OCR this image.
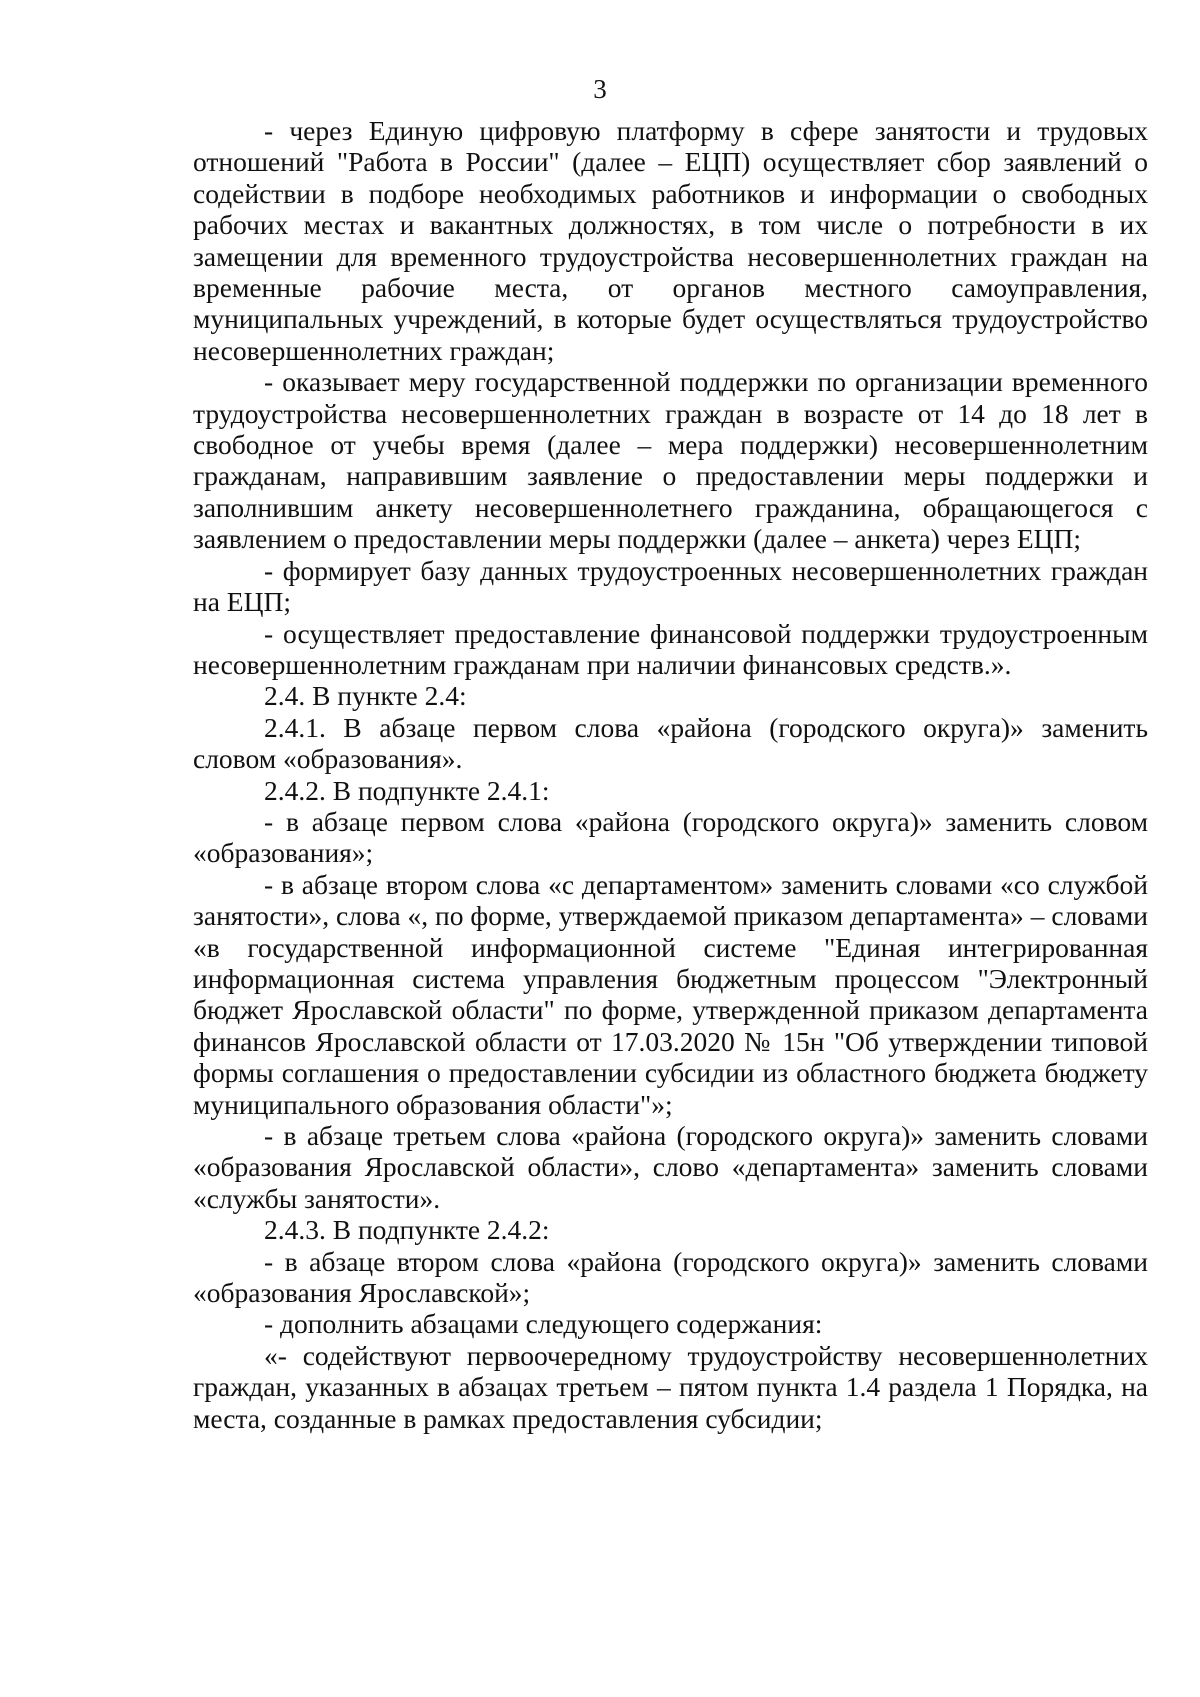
3

- через Единую цифровую платформу в сфере занятости и трудовых отношений "Работа в России" (далее – ЕЦП) осуществляет сбор заявлений о содействии в подборе необходимых работников и информации о свободных рабочих местах и вакантных должностях, в том числе о потребности в их замещении для временного трудоустройства несовершеннолетних граждан на временные рабочие места, от органов местного самоуправления, муниципальных учреждений, в которые будет осуществляться трудоустройство несовершеннолетних граждан;

- оказывает меру государственной поддержки по организации временного трудоустройства несовершеннолетних граждан в возрасте от 14 до 18 лет в свободное от учебы время (далее – мера поддержки) несовершеннолетним гражданам, направившим заявление о предоставлении меры поддержки и заполнившим анкету несовершеннолетнего гражданина, обращающегося с заявлением о предоставлении меры поддержки (далее – анкета) через ЕЦП;

- формирует базу данных трудоустроенных несовершеннолетних граждан на ЕЦП;

- осуществляет предоставление финансовой поддержки трудоустроенным несовершеннолетним гражданам при наличии финансовых средств.».

2.4. В пункте 2.4:

2.4.1. В абзаце первом слова «района (городского округа)» заменить словом «образования».

2.4.2. В подпункте 2.4.1:

- в абзаце первом слова «района (городского округа)» заменить словом «образования»;

- в абзаце втором слова «с департаментом» заменить словами «со службой занятости», слова «, по форме, утверждаемой приказом департамента» – словами «в государственной информационной системе "Единая интегрированная информационная система управления бюджетным процессом "Электронный бюджет Ярославской области" по форме, утвержденной приказом департамента финансов Ярославской области от 17.03.2020 № 15н "Об утверждении типовой формы соглашения о предоставлении субсидии из областного бюджета бюджету муниципального образования области"»;

- в абзаце третьем слова «района (городского округа)» заменить словами «образования Ярославской области», слово «департамента» заменить словами «службы занятости».

2.4.3. В подпункте 2.4.2:

- в абзаце втором слова «района (городского округа)» заменить словами «образования Ярославской»;

- дополнить абзацами следующего содержания:

«- содействуют первоочередному трудоустройству несовершеннолетних граждан, указанных в абзацах третьем – пятом пункта 1.4 раздела 1 Порядка, на места, созданные в рамках предоставления субсидии;
